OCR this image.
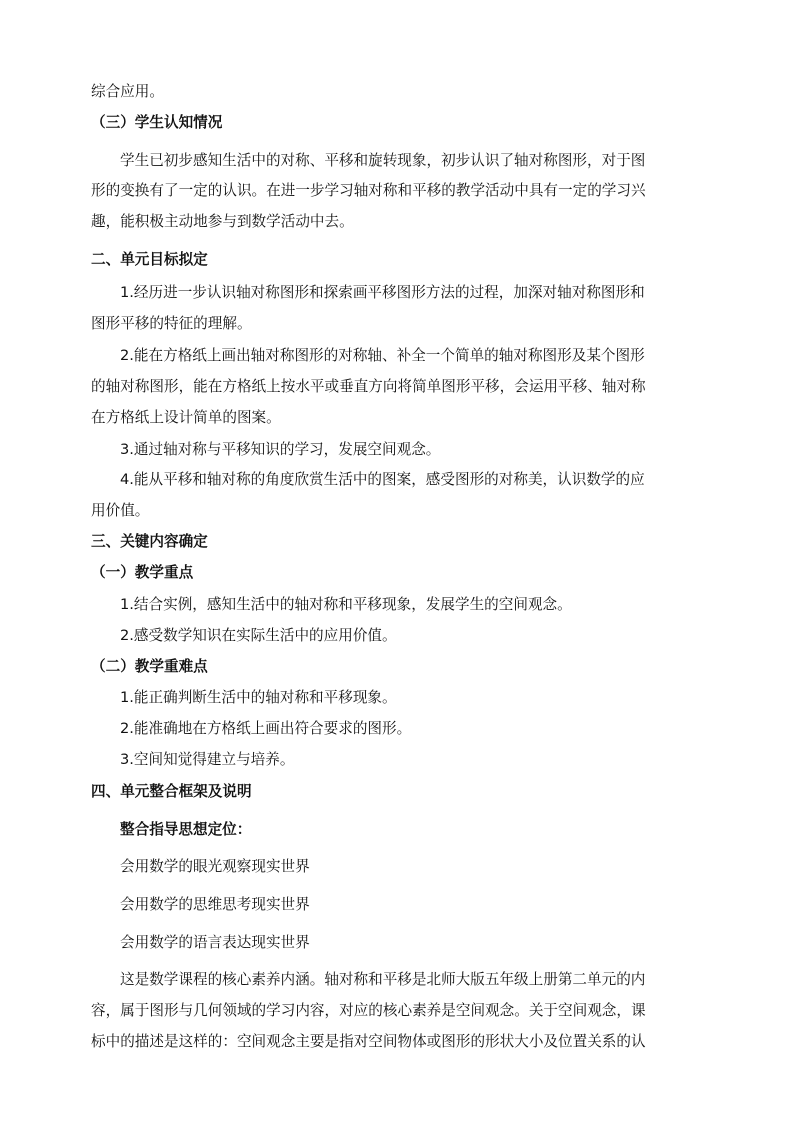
综合应用。

（三）学生认知情况

学生已初步感知生活中的对称、平移和旋转现象，初步认识了轴对称图形，对于图

形的变换有了一定的认识。在进一步学习轴对称和平移的教学活动中具有一定的学习兴

趣，能积极主动地参与到数学活动中去。

二、单元目标拟定

1.经历进一步认识轴对称图形和探索画平移图形方法的过程，加深对轴对称图形和

图形平移的特征的理解。

2.能在方格纸上画出轴对称图形的对称轴、补全一个简单的轴对称图形及某个图形

的轴对称图形，能在方格纸上按水平或垂直方向将简单图形平移，会运用平移、轴对称

在方格纸上设计简单的图案。

3.通过轴对称与平移知识的学习，发展空间观念。

4.能从平移和轴对称的角度欣赏生活中的图案，感受图形的对称美，认识数学的应

用价值。

三、关键内容确定

（一）教学重点

1.结合实例，感知生活中的轴对称和平移现象，发展学生的空间观念。

2.感受数学知识在实际生活中的应用价值。

（二）教学重难点

1.能正确判断生活中的轴对称和平移现象。

2.能准确地在方格纸上画出符合要求的图形。

3.空间知觉得建立与培养。

四、单元整合框架及说明

整合指导思想定位：

会用数学的眼光观察现实世界

会用数学的思维思考现实世界

会用数学的语言表达现实世界

这是数学课程的核心素养内涵。轴对称和平移是北师大版五年级上册第二单元的内

容，属于图形与几何领域的学习内容，对应的核心素养是空间观念。关于空间观念，课

标中的描述是这样的：空间观念主要是指对空间物体或图形的形状大小及位置关系的认
